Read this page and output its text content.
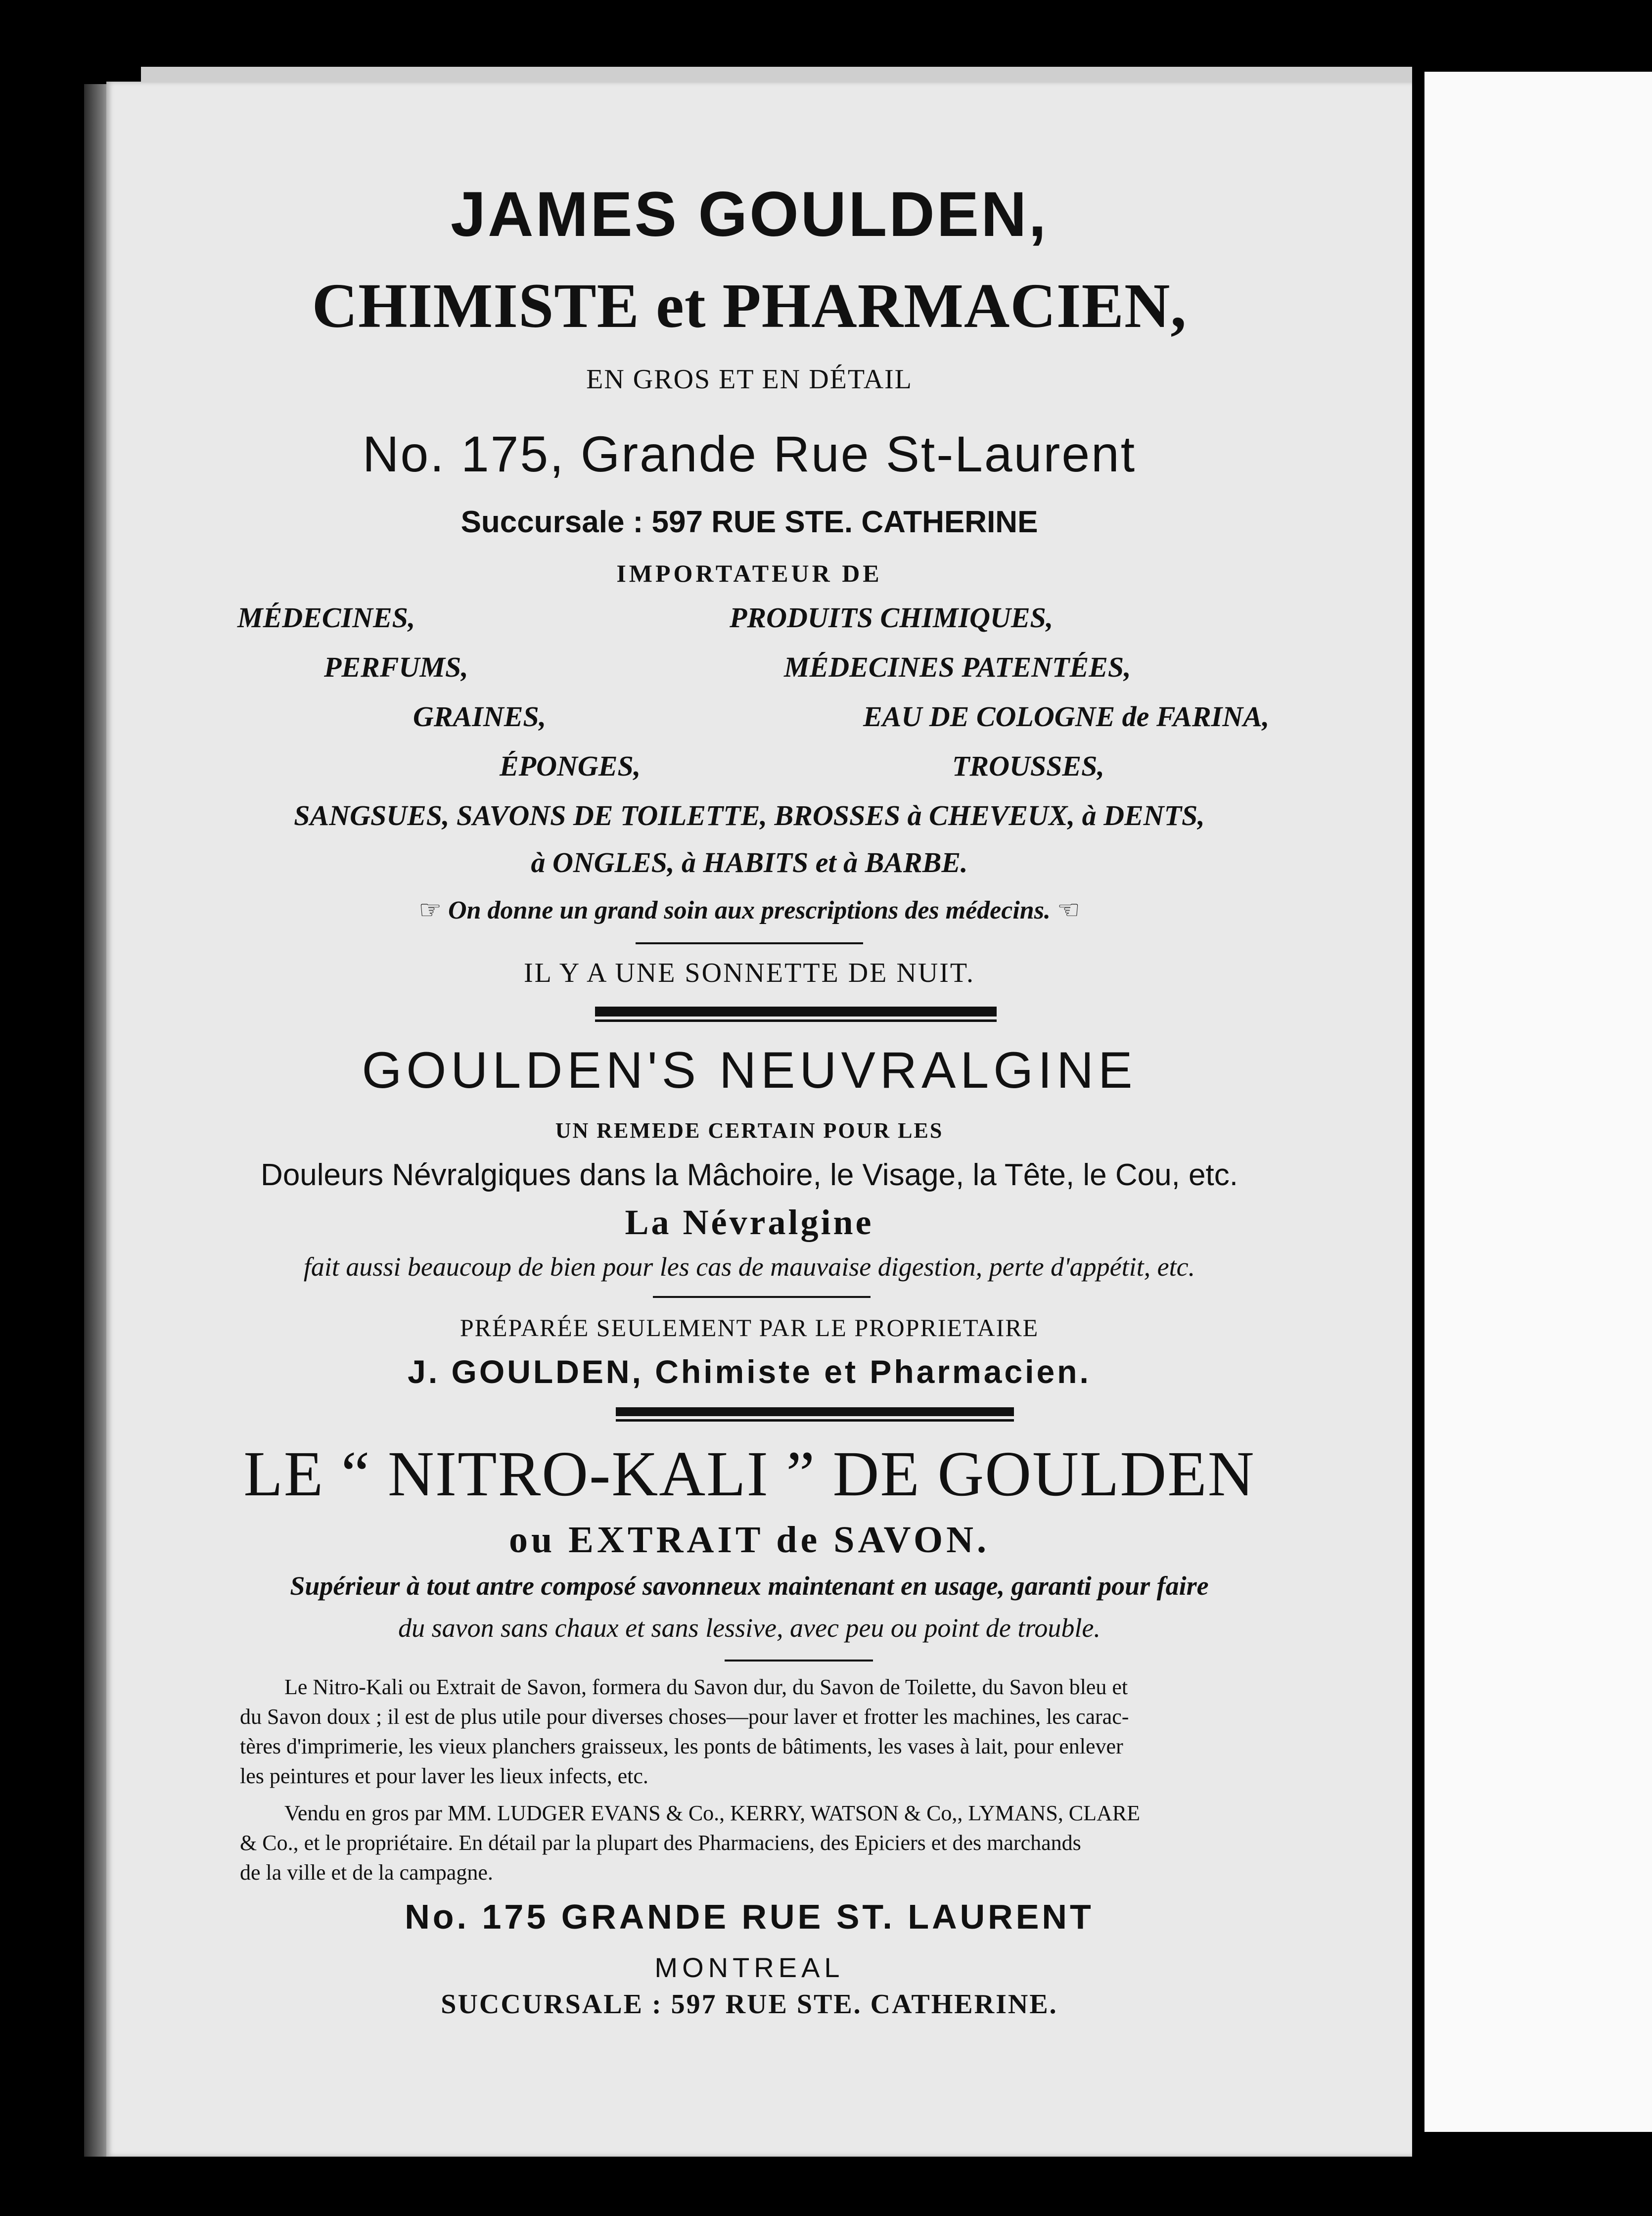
JAMES GOULDEN,
CHIMISTE et PHARMACIEN,
EN GROS ET EN DÉTAIL
No. 175, Grande Rue St-Laurent
Succursale : 597 RUE STE. CATHERINE
IMPORTATEUR DE
MÉDECINES,	PRODUITS CHIMIQUES,
PERFUMS,	MÉDECINES PATENTÉES,
GRAINES,	EAU DE COLOGNE de FARINA,
ÉPONGES,	TROUSSES,
SANGSUES, SAVONS DE TOILETTE, BROSSES à CHEVEUX, à DENTS,
à ONGLES, à HABITS et à BARBE.
☞ On donne un grand soin aux prescriptions des médecins. ☜
IL Y A UNE SONNETTE DE NUIT.
GOULDEN'S NEUVRALGINE
UN REMEDE CERTAIN POUR LES
Douleurs Névralgiques dans la Mâchoire, le Visage, la Tête, le Cou, etc.
La Névralgine
fait aussi beaucoup de bien pour les cas de mauvaise digestion, perte d'appétit, etc.
PRÉPARÉE SEULEMENT PAR LE PROPRIETAIRE
J. GOULDEN, Chimiste et Pharmacien.
LE “ NITRO-KALI ” DE GOULDEN
ou EXTRAIT de SAVON.
Supérieur à tout antre composé savonneux maintenant en usage, garanti pour faire
du savon sans chaux et sans lessive, avec peu ou point de trouble.
Le Nitro-Kali ou Extrait de Savon, formera du Savon dur, du Savon de Toilette, du Savon bleu et
du Savon doux ; il est de plus utile pour diverses choses—pour laver et frotter les machines, les carac-
tères d'imprimerie, les vieux planchers graisseux, les ponts de bâtiments, les vases à lait, pour enlever
les peintures et pour laver les lieux infects, etc.
Vendu en gros par MM. LUDGER EVANS & Co., KERRY, WATSON & Co,, LYMANS, CLARE
& Co., et le propriétaire. En détail par la plupart des Pharmaciens, des Epiciers et des marchands
de la ville et de la campagne.
No. 175 GRANDE RUE ST. LAURENT
MONTREAL
SUCCURSALE : 597 RUE STE. CATHERINE.
